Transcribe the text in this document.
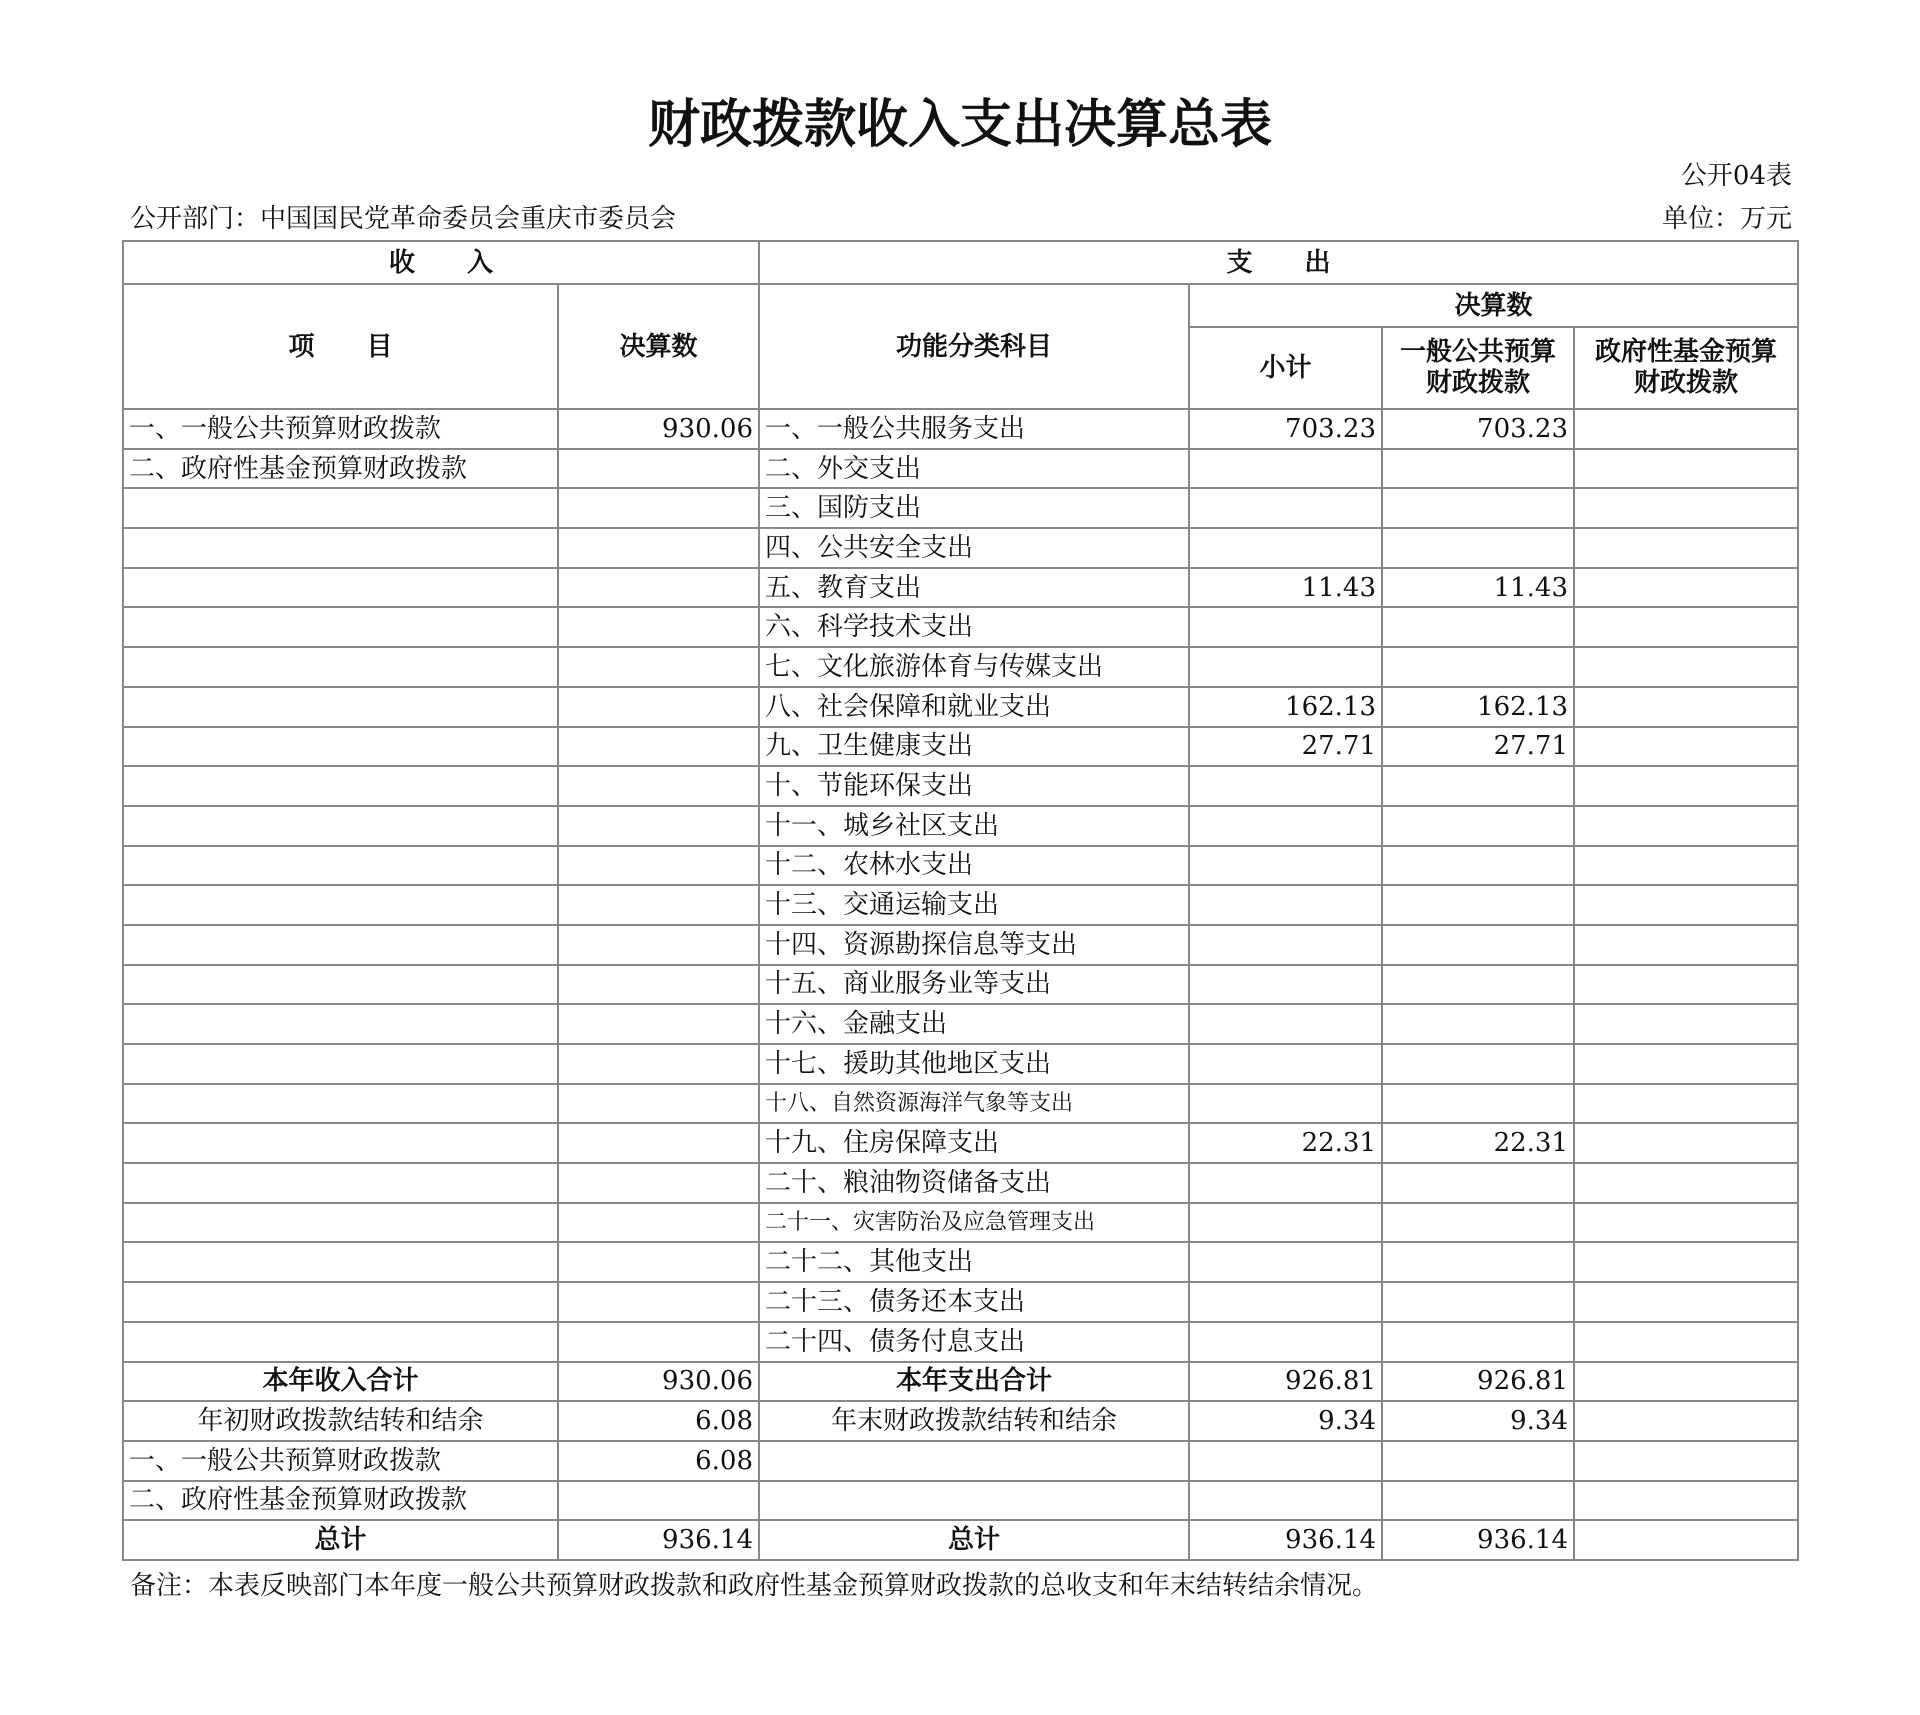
财政拨款收入支出决算总表
公开04表
公开部门：中国国民党革命委员会重庆市委员会	单位：万元
收　　入		支　　出			
项　　目	决算数	功能分类科目	决算数		
			小计	一般公共预算财政拨款	政府性基金预算财政拨款
一、一般公共预算财政拨款	930.06	一、一般公共服务支出	703.23	703.23	
二、政府性基金预算财政拨款		二、外交支出			
		三、国防支出			
		四、公共安全支出			
		五、教育支出	11.43	11.43	
		六、科学技术支出			
		七、文化旅游体育与传媒支出			
		八、社会保障和就业支出	162.13	162.13	
		九、卫生健康支出	27.71	27.71	
		十、节能环保支出			
		十一、城乡社区支出			
		十二、农林水支出			
		十三、交通运输支出			
		十四、资源勘探信息等支出			
		十五、商业服务业等支出			
		十六、金融支出			
		十七、援助其他地区支出			
		十八、自然资源海洋气象等支出			
		十九、住房保障支出	22.31	22.31	
		二十、粮油物资储备支出			
		二十一、灾害防治及应急管理支出			
		二十二、其他支出			
		二十三、债务还本支出			
		二十四、债务付息支出			
本年收入合计	930.06	本年支出合计	926.81	926.81	
年初财政拨款结转和结余	6.08	年末财政拨款结转和结余	9.34	9.34	
一、一般公共预算财政拨款	6.08				
二、政府性基金预算财政拨款					
总计	936.14	总计	936.14	936.14	
备注：本表反映部门本年度一般公共预算财政拨款和政府性基金预算财政拨款的总收支和年末结转结余情况。
